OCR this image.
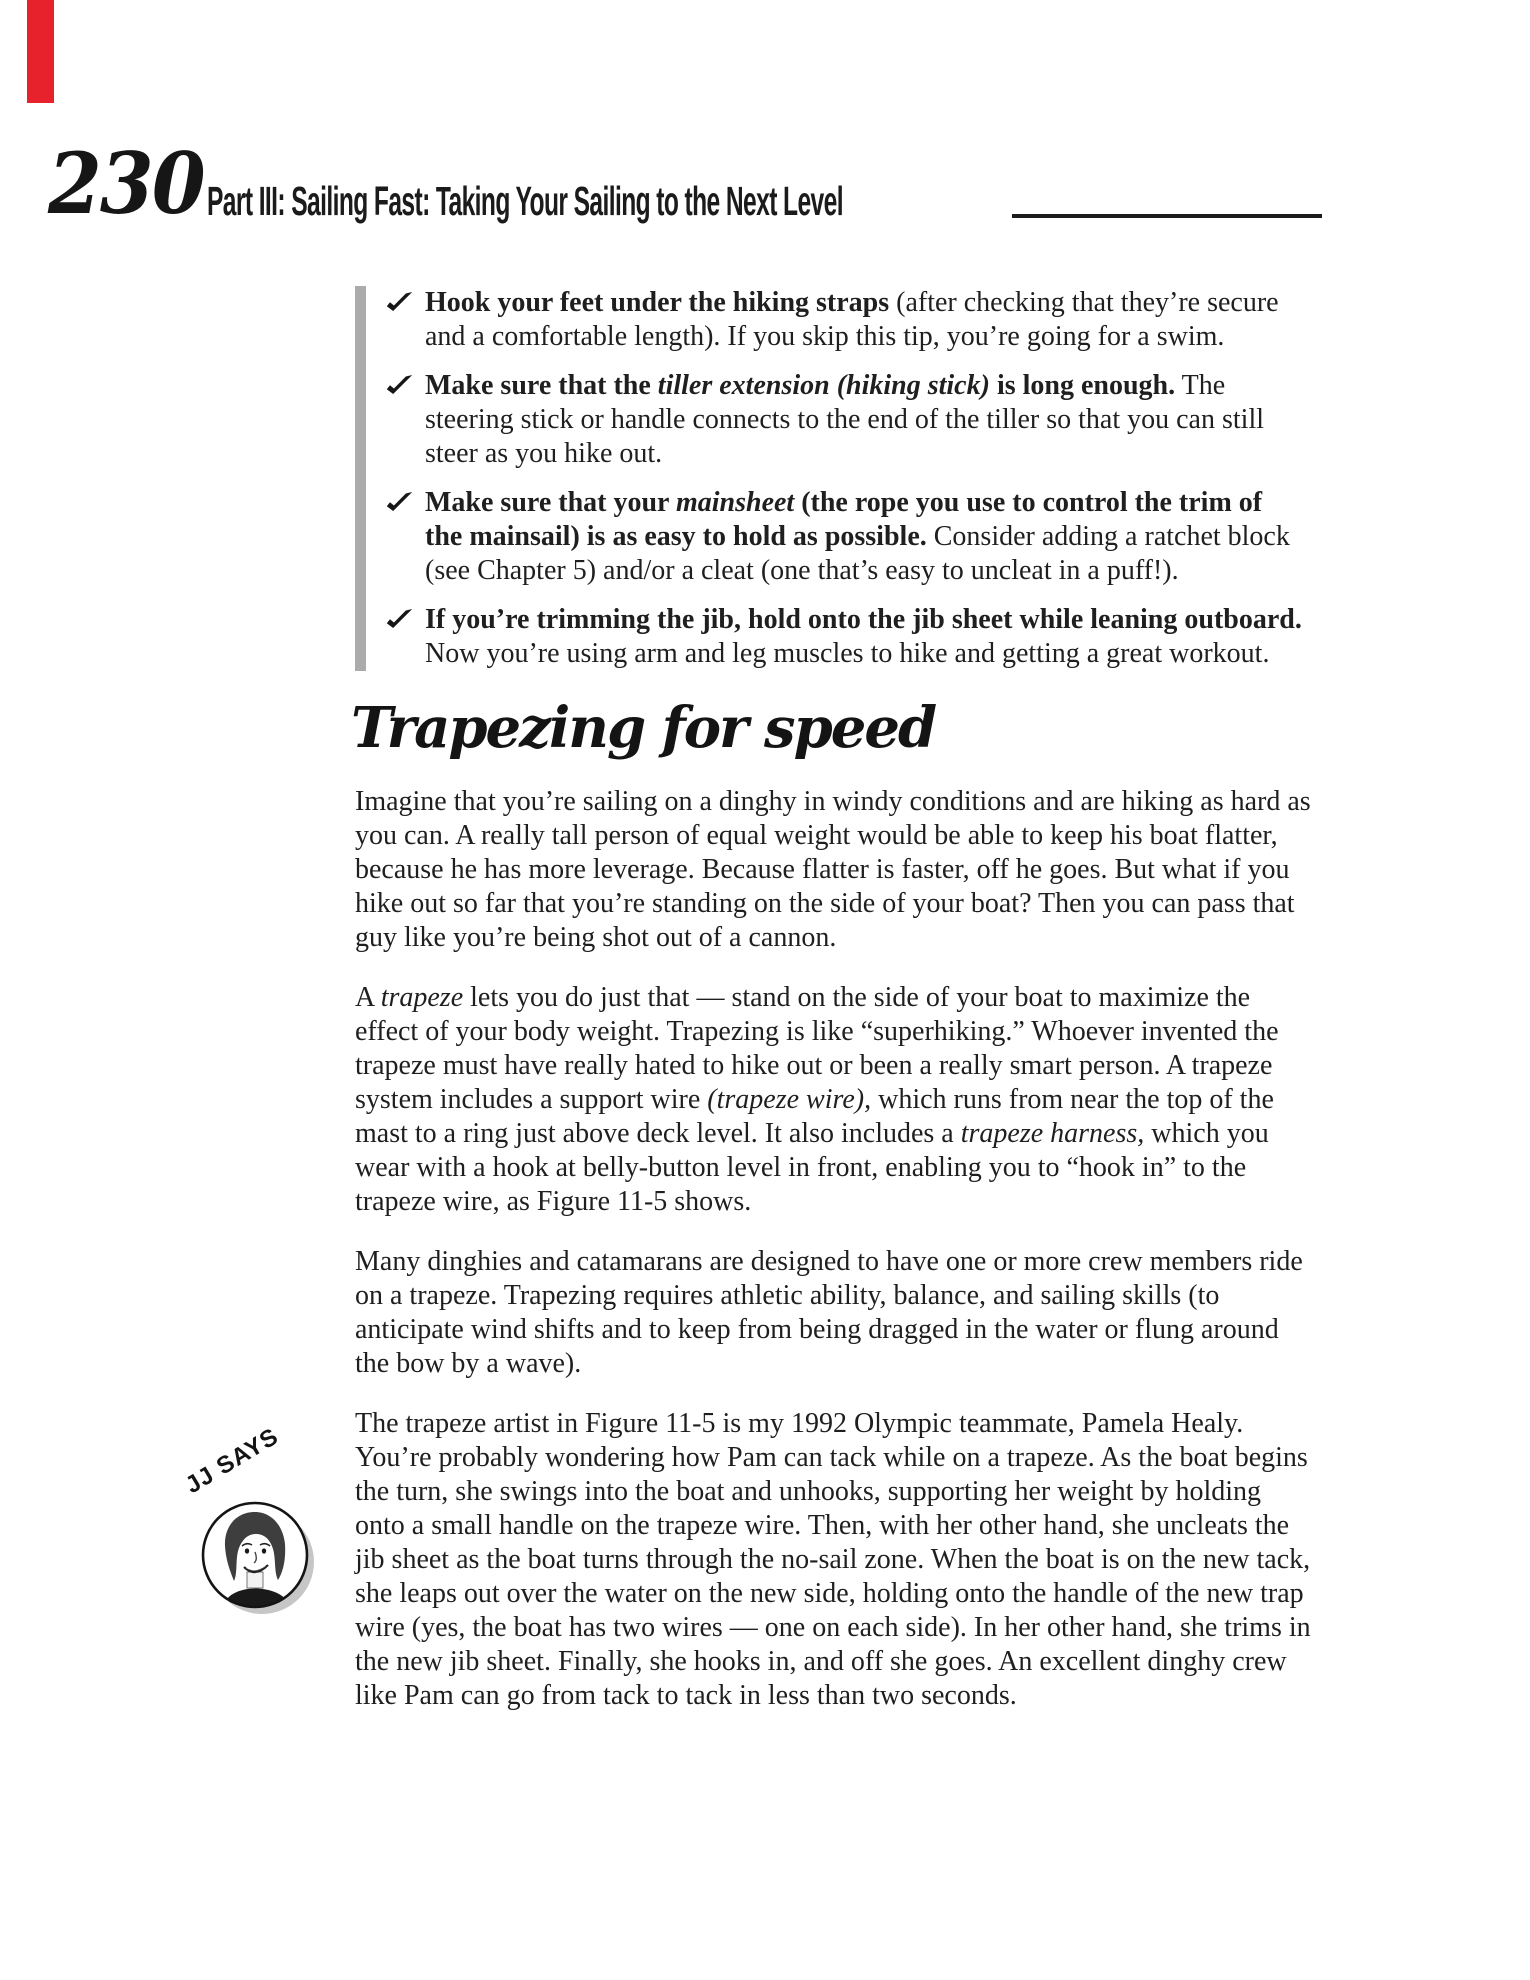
230 Part III: Sailing Fast: Taking Your Sailing to the Next Level
Hook your feet under the hiking straps (after checking that they’re secure and a comfortable length). If you skip this tip, you’re going for a swim.
Make sure that the tiller extension (hiking stick) is long enough. The steering stick or handle connects to the end of the tiller so that you can still steer as you hike out.
Make sure that your mainsheet (the rope you use to control the trim of the mainsail) is as easy to hold as possible. Consider adding a ratchet block (see Chapter 5) and/or a cleat (one that’s easy to uncleat in a puff!).
If you’re trimming the jib, hold onto the jib sheet while leaning outboard. Now you’re using arm and leg muscles to hike and getting a great workout.
Trapezing for speed

Imagine that you’re sailing on a dinghy in windy conditions and are hiking as hard as you can. A really tall person of equal weight would be able to keep his boat flatter, because he has more leverage. Because flatter is faster, off he goes. But what if you hike out so far that you’re standing on the side of your boat? Then you can pass that guy like you’re being shot out of a cannon.

A trapeze lets you do just that — stand on the side of your boat to maximize the effect of your body weight. Trapezing is like “superhiking.” Whoever invented the trapeze must have really hated to hike out or been a really smart person. A trapeze system includes a support wire (trapeze wire), which runs from near the top of the mast to a ring just above deck level. It also includes a trapeze harness, which you wear with a hook at belly-button level in front, enabling you to “hook in” to the trapeze wire, as Figure 11-5 shows.

Many dinghies and catamarans are designed to have one or more crew members ride on a trapeze. Trapezing requires athletic ability, balance, and sailing skills (to anticipate wind shifts and to keep from being dragged in the water or flung around the bow by a wave).

The trapeze artist in Figure 11-5 is my 1992 Olympic teammate, Pamela Healy. You’re probably wondering how Pam can tack while on a trapeze. As the boat begins the turn, she swings into the boat and unhooks, supporting her weight by holding onto a small handle on the trapeze wire. Then, with her other hand, she uncleats the jib sheet as the boat turns through the no-sail zone. When the boat is on the new tack, she leaps out over the water on the new side, holding onto the handle of the new trap wire (yes, the boat has two wires — one on each side). In her other hand, she trims in the new jib sheet. Finally, she hooks in, and off she goes. An excellent dinghy crew like Pam can go from tack to tack in less than two seconds.

JJ SAYS
